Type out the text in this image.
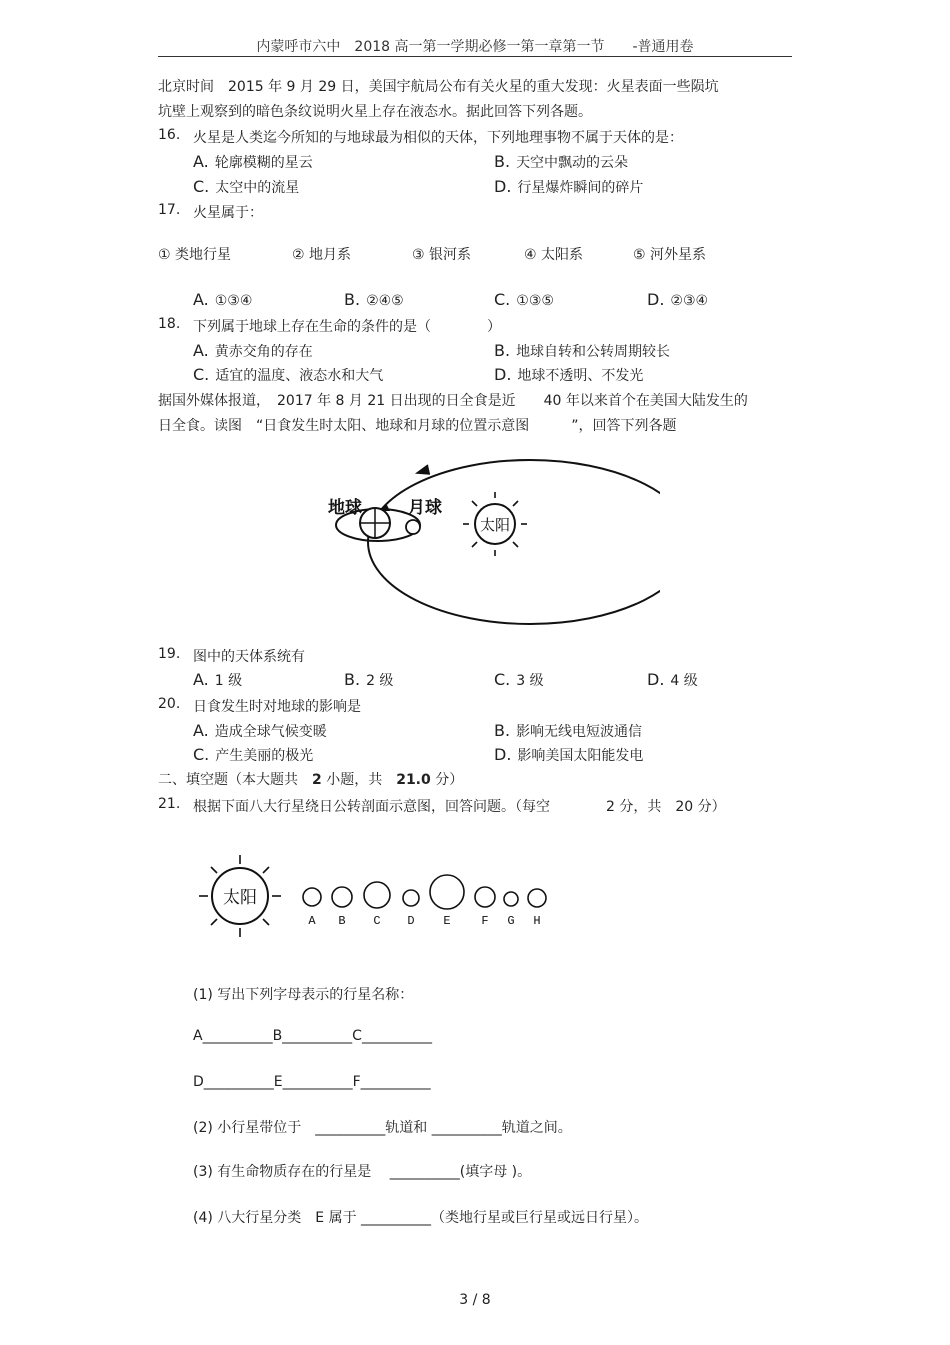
内蒙呼市六中　2018 高一第一学期必修一第一章第一节　　-普通用卷
北京时间　2015 年 9 月 29 日，美国宇航局公布有关火星的重大发现：火星表面一些陨坑
坑壁上观察到的暗色条纹说明火星上存在液态水。据此回答下列各题。
16. 火星是人类迄今所知的与地球最为相似的天体，下列地理事物不属于天体的是：
A. 轮廓模糊的星云	B. 天空中飘动的云朵
C. 太空中的流星	D. 行星爆炸瞬间的碎片
17. 火星属于：
① 类地行星	② 地月系	③ 银河系	④ 太阳系	⑤ 河外星系
A. ①③④	B. ②④⑤	C. ①③⑤	D. ②③④
18. 下列属于地球上存在生命的条件的是（　　　　）
A. 黄赤交角的存在	B. 地球自转和公转周期较长
C. 适宜的温度、液态水和大气	D. 地球不透明、不发光
据国外媒体报道，　2017 年 8 月 21 日出现的日全食是近　　40 年以来首个在美国大陆发生的
日全食。读图　“日食发生时太阳、地球和月球的位置示意图　　　”，回答下列各题
地球	月球
太阳
19. 图中的天体系统有
A. 1 级	B. 2 级	C. 3 级	D. 4 级
20. 日食发生时对地球的影响是
A. 造成全球气候变暖	B. 影响无线电短波通信
C. 产生美丽的极光	D. 影响美国太阳能发电
二、填空题（本大题共　2 小题，共　21.0 分）
21. 根据下面八大行星绕日公转剖面示意图，回答问题。（每空　　　　2 分，共　20 分）
太阳
A B C D E	F G H
(1) 写出下列字母表示的行星名称：
A__________B__________C__________
D__________E__________F__________
(2) 小行星带位于　__________轨道和 __________轨道之间。
(3) 有生命物质存在的行星是　 __________(填字母 )。
(4) 八大行星分类　E 属于 __________（类地行星或巨行星或远日行星）。
3 / 8
